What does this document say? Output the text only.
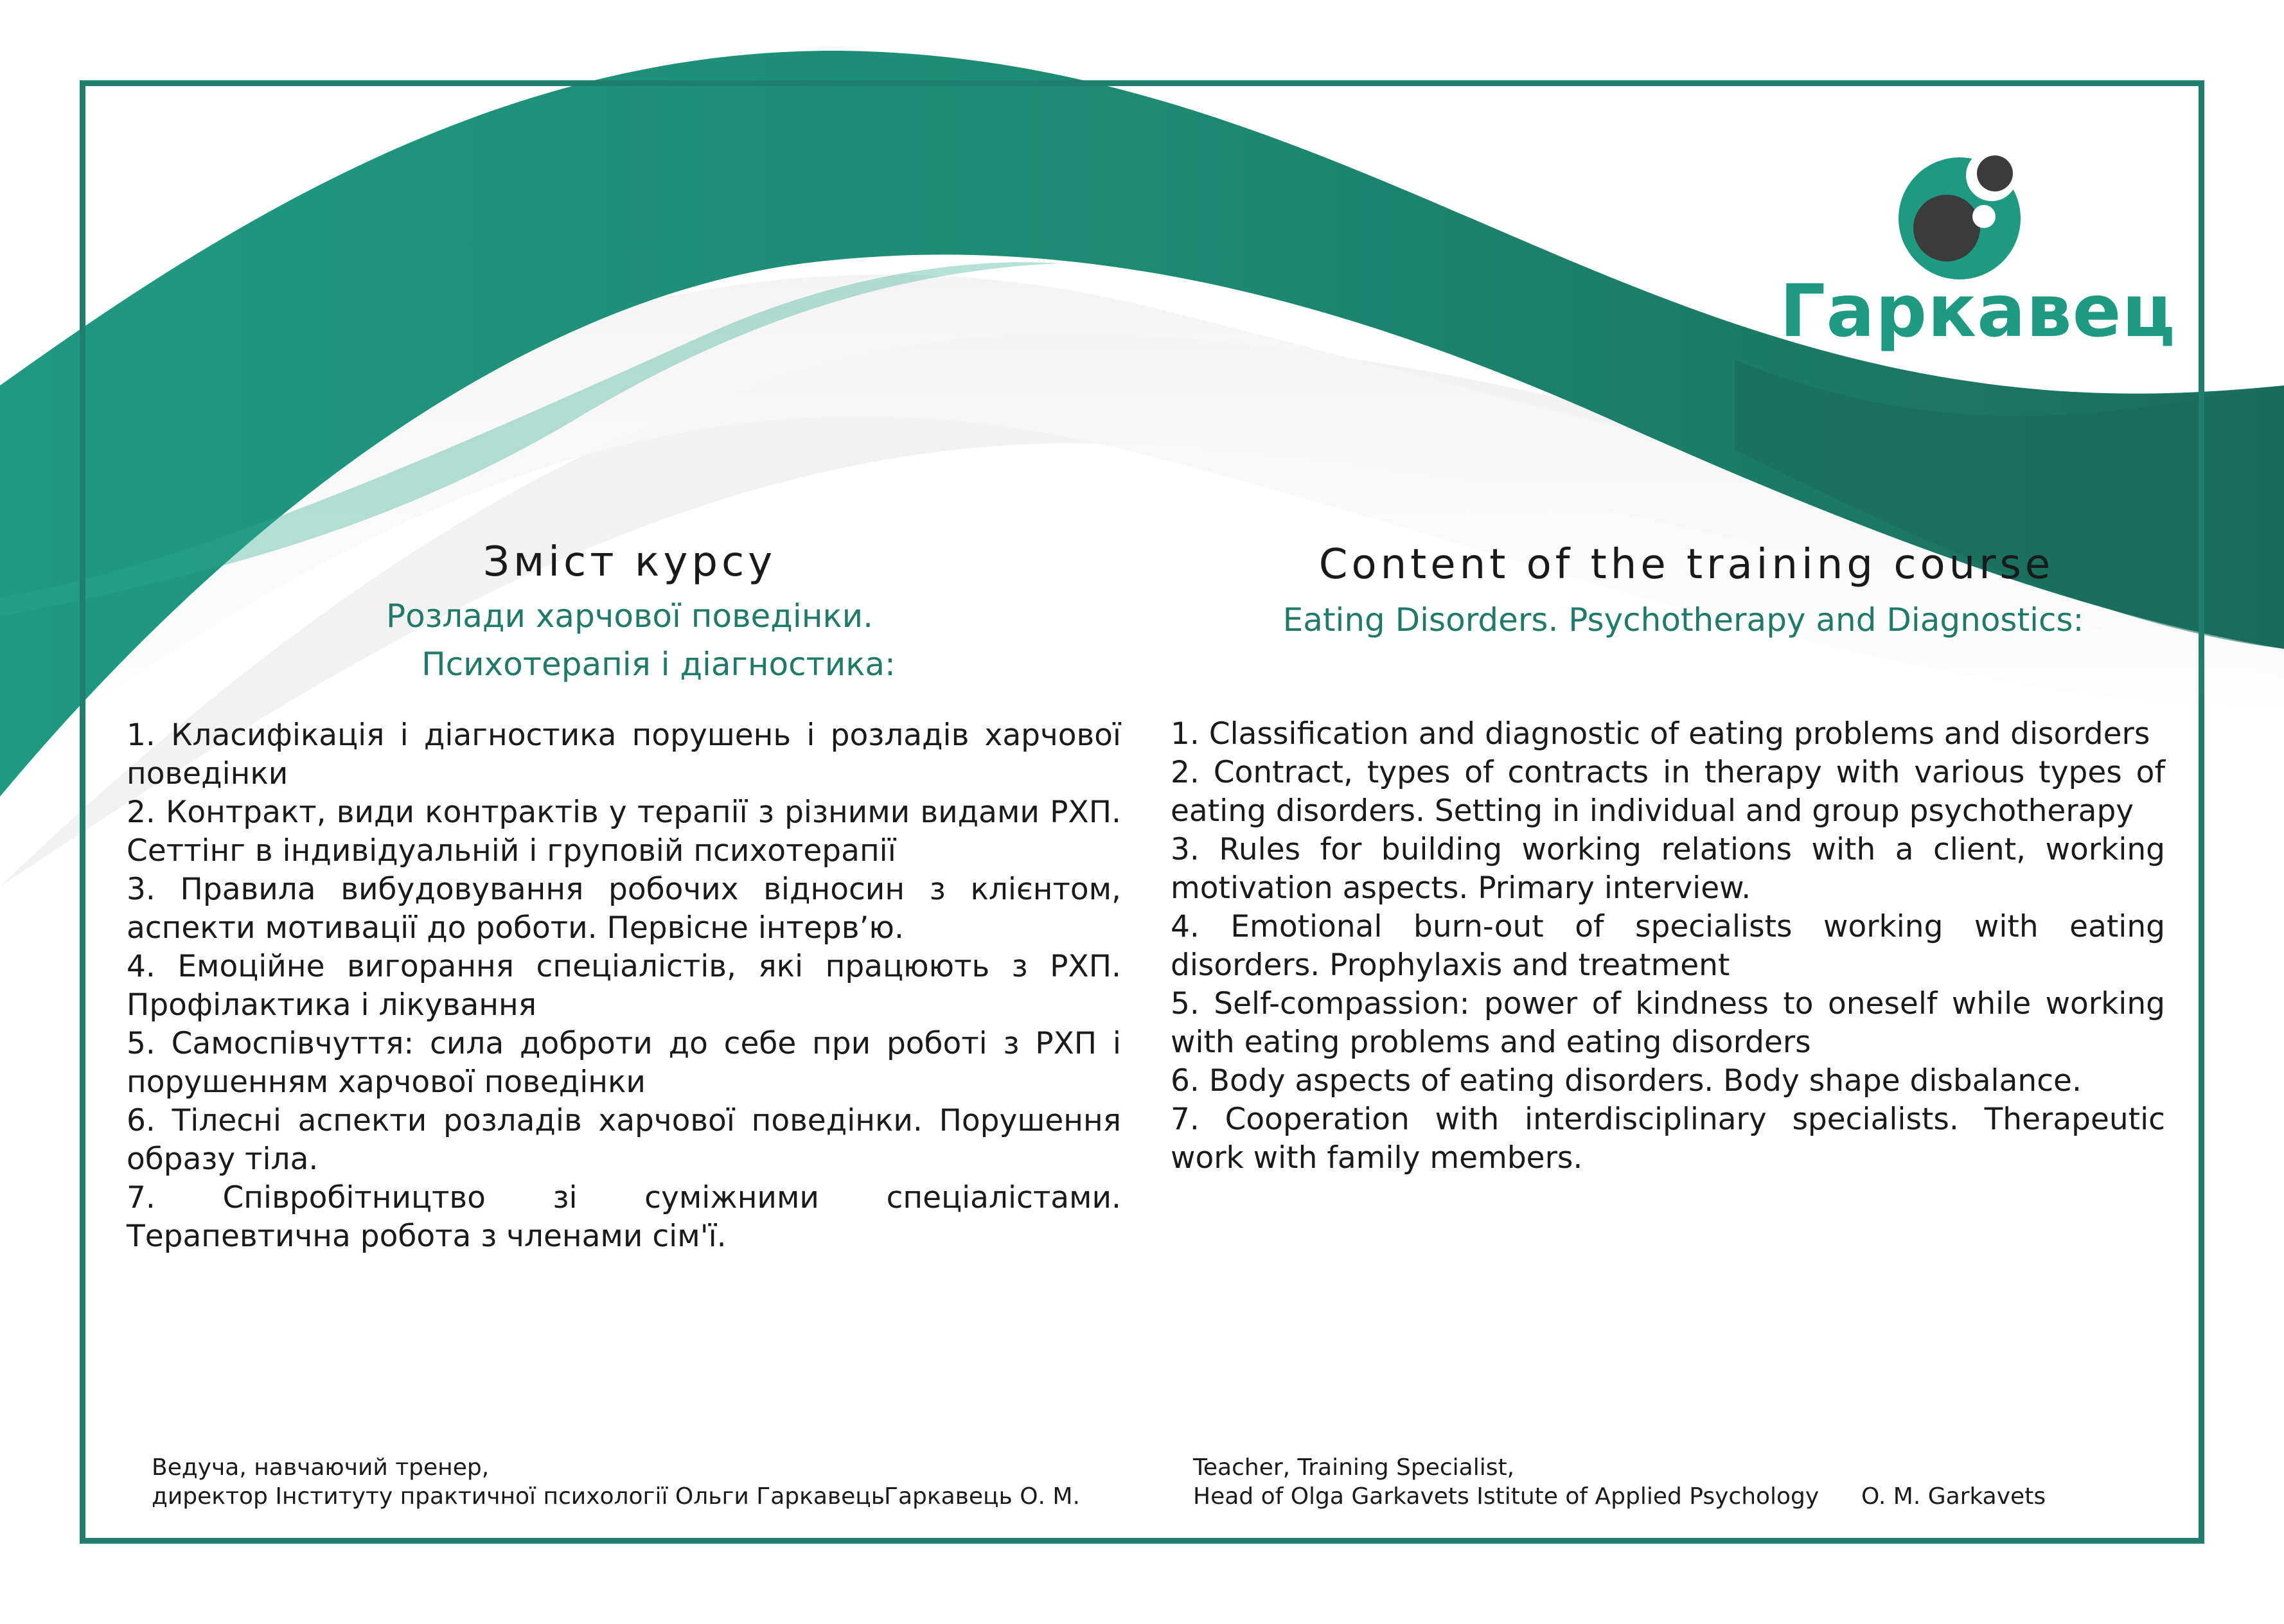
Гаркавец
Зміст курсу
Розлади харчової поведінки.
Психотерапія і діагностика:
1. Класифікація і діагностика порушень і розладів харчової поведінки
2. Контракт, види контрактів у терапії з різними видами РХП. Сеттінг в індивідуальній і груповій психотерапії
3. Правила вибудовування робочих відносин з клієнтом, аспекти мотивації до роботи. Первісне інтерв’ю.
4. Емоційне вигорання спеціалістів, які працюють з РХП. Профілактика і лікування
5. Самоспівчуття: сила доброти до себе при роботі з РХП і порушенням харчової поведінки
6. Тілесні аспекти розладів харчової поведінки. Порушення образу тіла.
7. Співробітництво зі суміжними спеціалістами. Терапевтична робота з членами сім'ї.
Content of the training course
Eating Disorders. Psychotherapy and Diagnostics:
1. Classification and diagnostic of eating problems and disorders
2. Contract, types of contracts in therapy with various types of eating disorders. Setting in individual and group psychotherapy
3. Rules for building working relations with a client, working motivation aspects. Primary interview.
4. Emotional burn-out of specialists working with eating disorders. Prophylaxis and treatment
5. Self-compassion: power of kindness to oneself while working with eating problems and eating disorders
6. Body aspects of eating disorders. Body shape disbalance.
7. Cooperation with interdisciplinary specialists. Therapeutic work with family members.
Ведуча, навчаючий тренер,
директор Інституту практичної психології Ольги Гаркавець Гаркавець О. М.
Teacher, Training Specialist,
Head of Olga Garkavets Istitute of Applied Psychology	O. M. Garkavets
